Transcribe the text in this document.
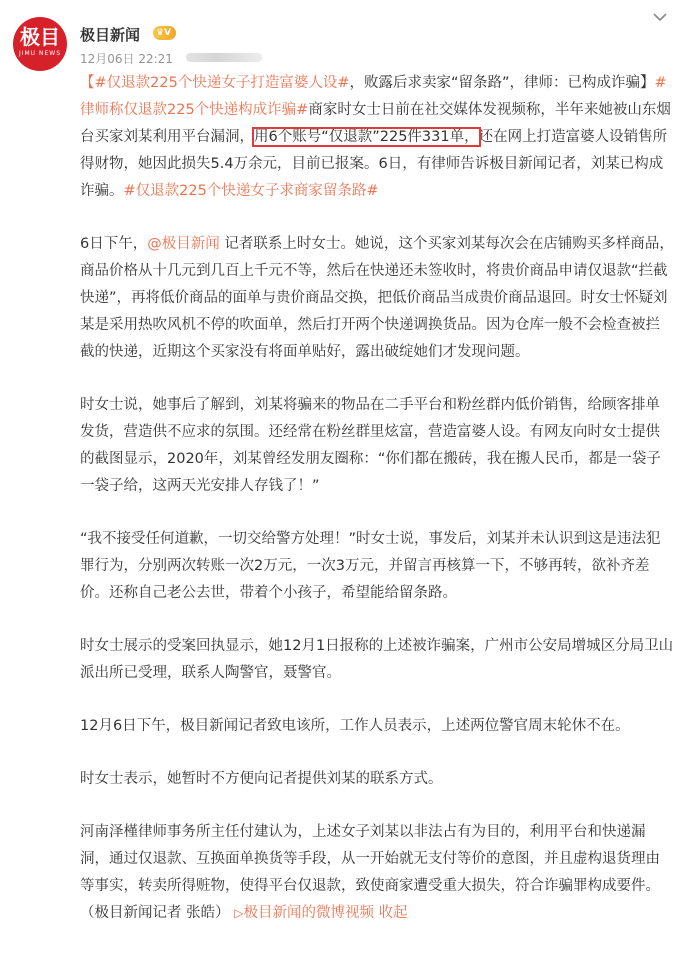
极目
JIMU NEWS
极目新闻	♛V
12月06日 22:21

【#仅退款225个快递女子打造富婆人设#，败露后求卖家“留条路”，律师：已构成诈骗】#律师称仅退款225个快递构成诈骗#商家时女士日前在社交媒体发视频称，半年来她被山东烟台买家刘某利用平台漏洞，用6个账号“仅退款”225件331单，还在网上打造富婆人设销售所得财物，她因此损失5.4万余元，目前已报案。6日，有律师告诉极目新闻记者，刘某已构成诈骗。#仅退款225个快递女子求商家留条路#

6日下午，@极目新闻 记者联系上时女士。她说，这个买家刘某每次会在店铺购买多样商品，商品价格从十几元到几百上千元不等，然后在快递还未签收时，将贵价商品申请仅退款“拦截快递”，再将低价商品的面单与贵价商品交换，把低价商品当成贵价商品退回。时女士怀疑刘某是采用热吹风机不停的吹面单，然后打开两个快递调换货品。因为仓库一般不会检查被拦截的快递，近期这个买家没有将面单贴好，露出破绽她们才发现问题。

时女士说，她事后了解到，刘某将骗来的物品在二手平台和粉丝群内低价销售，给顾客排单发货，营造供不应求的氛围。还经常在粉丝群里炫富，营造富婆人设。有网友向时女士提供的截图显示，2020年，刘某曾经发朋友圈称：“你们都在搬砖，我在搬人民币，都是一袋子一袋子给，这两天光安排人存钱了！”

“我不接受任何道歉，一切交给警方处理！”时女士说，事发后，刘某并未认识到这是违法犯罪行为，分别两次转账一次2万元，一次3万元，并留言再核算一下，不够再转，欲补齐差价。还称自己老公去世，带着个小孩子，希望能给留条路。

时女士展示的受案回执显示，她12月1日报称的上述被诈骗案，广州市公安局增城区分局卫山派出所已受理，联系人陶警官，聂警官。

12月6日下午，极目新闻记者致电该所，工作人员表示，上述两位警官周末轮休不在。

时女士表示，她暂时不方便向记者提供刘某的联系方式。

河南泽槿律师事务所主任付建认为，上述女子刘某以非法占有为目的，利用平台和快递漏洞，通过仅退款、互换面单换货等手段，从一开始就无支付等价的意图，并且虚构退货理由等事实，转卖所得赃物，使得平台仅退款，致使商家遭受重大损失，符合诈骗罪构成要件。（极目新闻记者 张皓） ▷极目新闻的微博视频 收起
